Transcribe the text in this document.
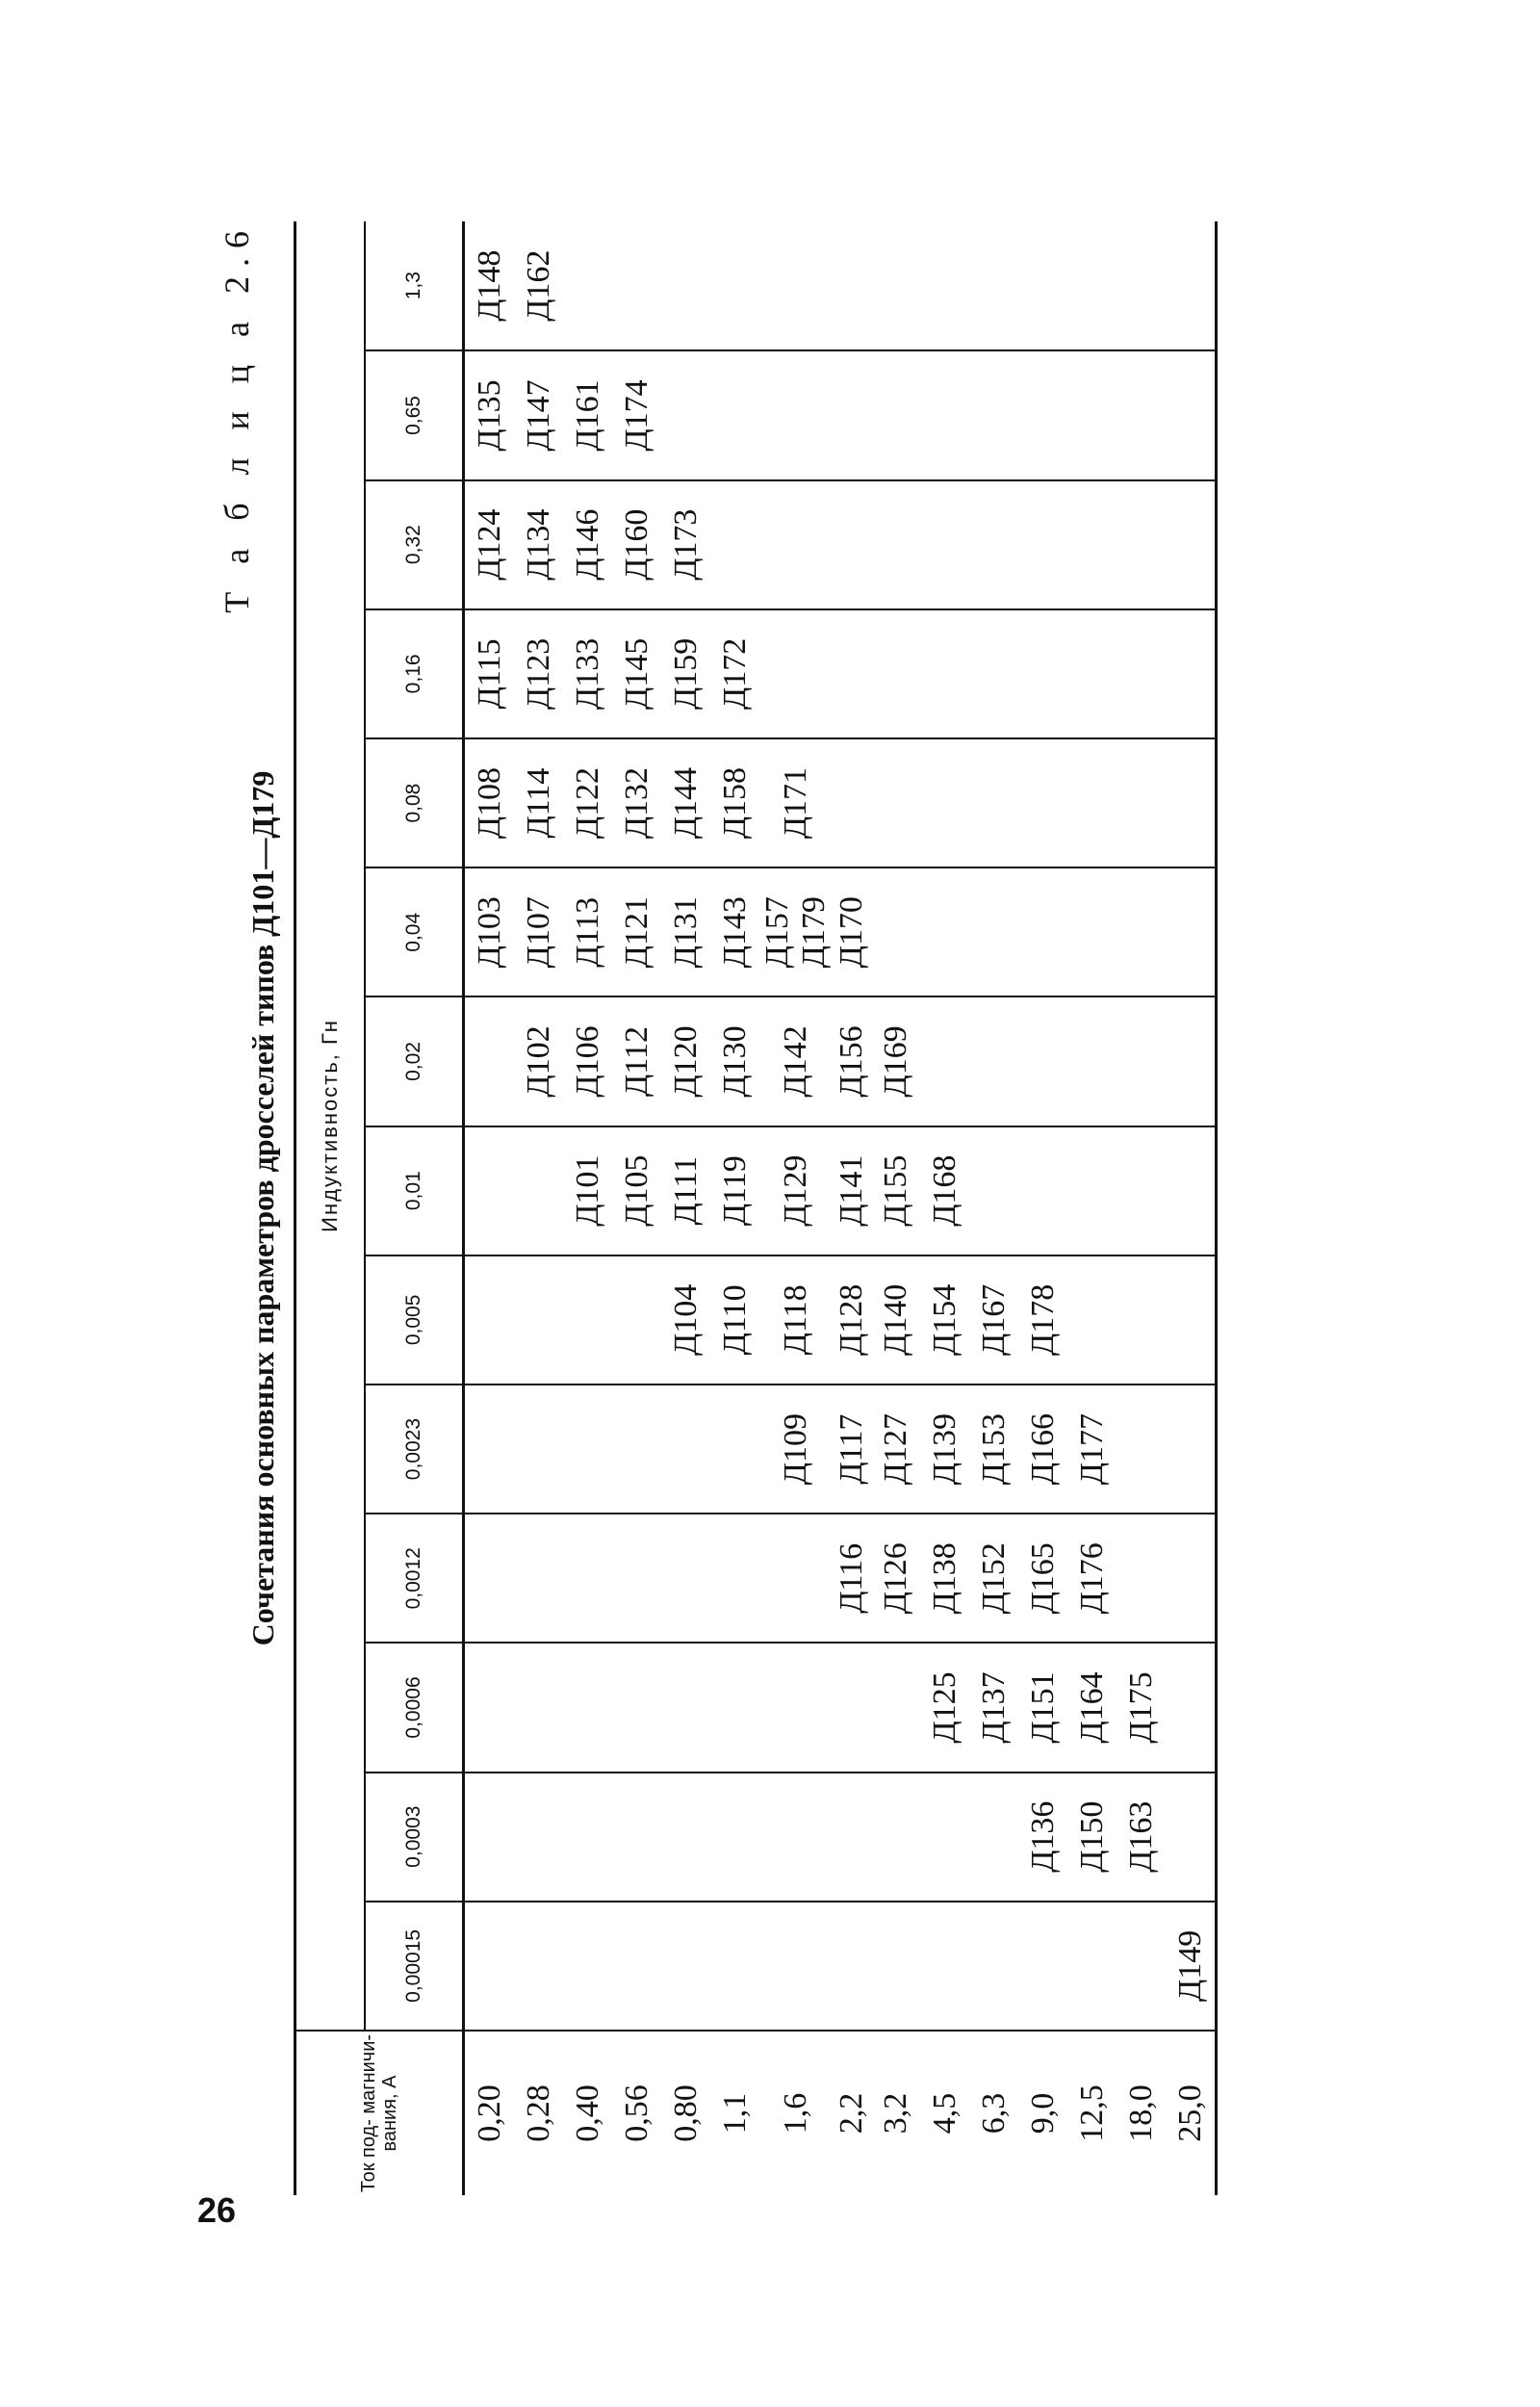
26
Т а б л и ц а 2.6
Сочетания основных параметров дросселей типов Д101—Д179
Ток под- магничи- вания, А	Индуктивность, Гн													
	0,00015	0,0003	0,0006	0,0012	0,0023	0,005	0,01	0,02	0,04	0,08	0,16	0,32	0,65	1,3
0,20									Д103	Д108	Д115	Д124	Д135	Д148
0,28								Д102	Д107	Д114	Д123	Д134	Д147	Д162
0,40							Д101	Д106	Д113	Д122	Д133	Д146	Д161	
0,56							Д105	Д112	Д121	Д132	Д145	Д160	Д174	
0,80						Д104	Д111	Д120	Д131	Д144	Д159	Д173		
1,1						Д110	Д119	Д130	Д143	Д158	Д172			
1,6					Д109	Д118	Д129	Д142	Д157 Д179	Д171				
2,2				Д116	Д117	Д128	Д141	Д156	Д170					
3,2				Д126	Д127	Д140	Д155	Д169						
4,5			Д125	Д138	Д139	Д154	Д168							
6,3			Д137	Д152	Д153	Д167								
9,0		Д136	Д151	Д165	Д166	Д178								
12,5		Д150	Д164	Д176	Д177									
18,0		Д163	Д175											
25,0	Д149													
